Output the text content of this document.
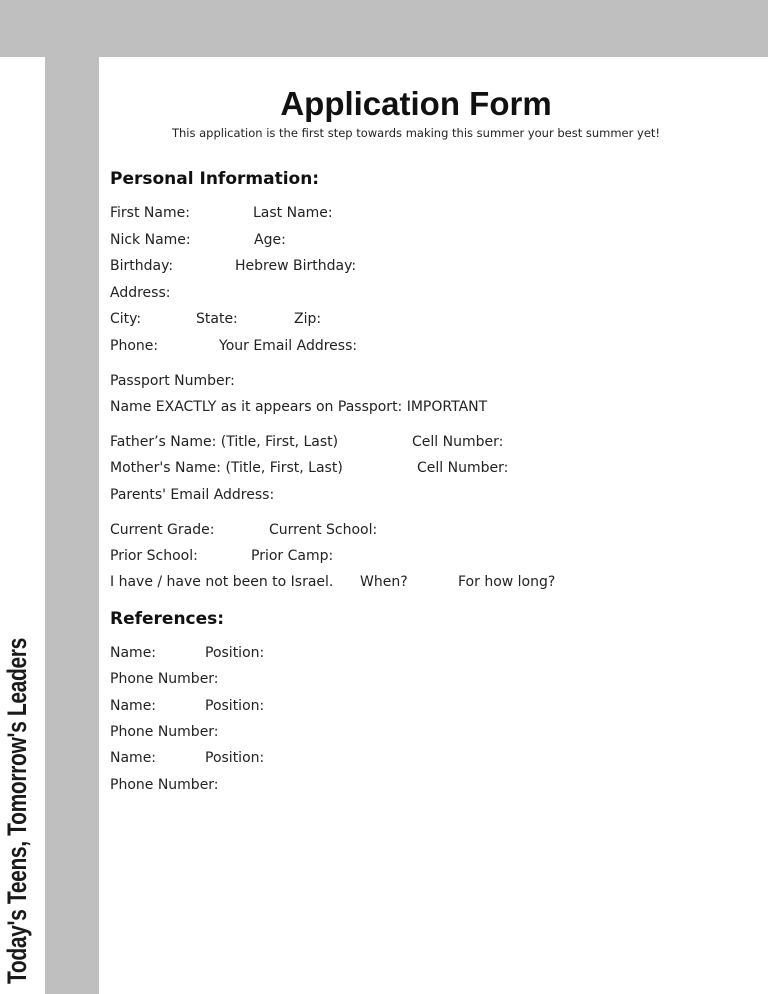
Today's Teens, Tomorrow's Leaders
Application Form

This application is the first step towards making this summer your best summer yet!

Personal Information:
First Name:	Last Name:
Nick Name:	Age:
Birthday:	Hebrew Birthday:
Address:
City:	State:	Zip:
Phone:	Your Email Address:
Passport Number:
Name EXACTLY as it appears on Passport: IMPORTANT
Father’s Name: (Title, First, Last)	Cell Number:
Mother's Name: (Title, First, Last)	Cell Number:
Parents' Email Address:
Current Grade:	Current School:
Prior School:	Prior Camp:
I have / have not been to Israel. When?	For how long?
References:
Name:	Position:
Phone Number:
Name:	Position:
Phone Number:
Name:	Position:
Phone Number:
